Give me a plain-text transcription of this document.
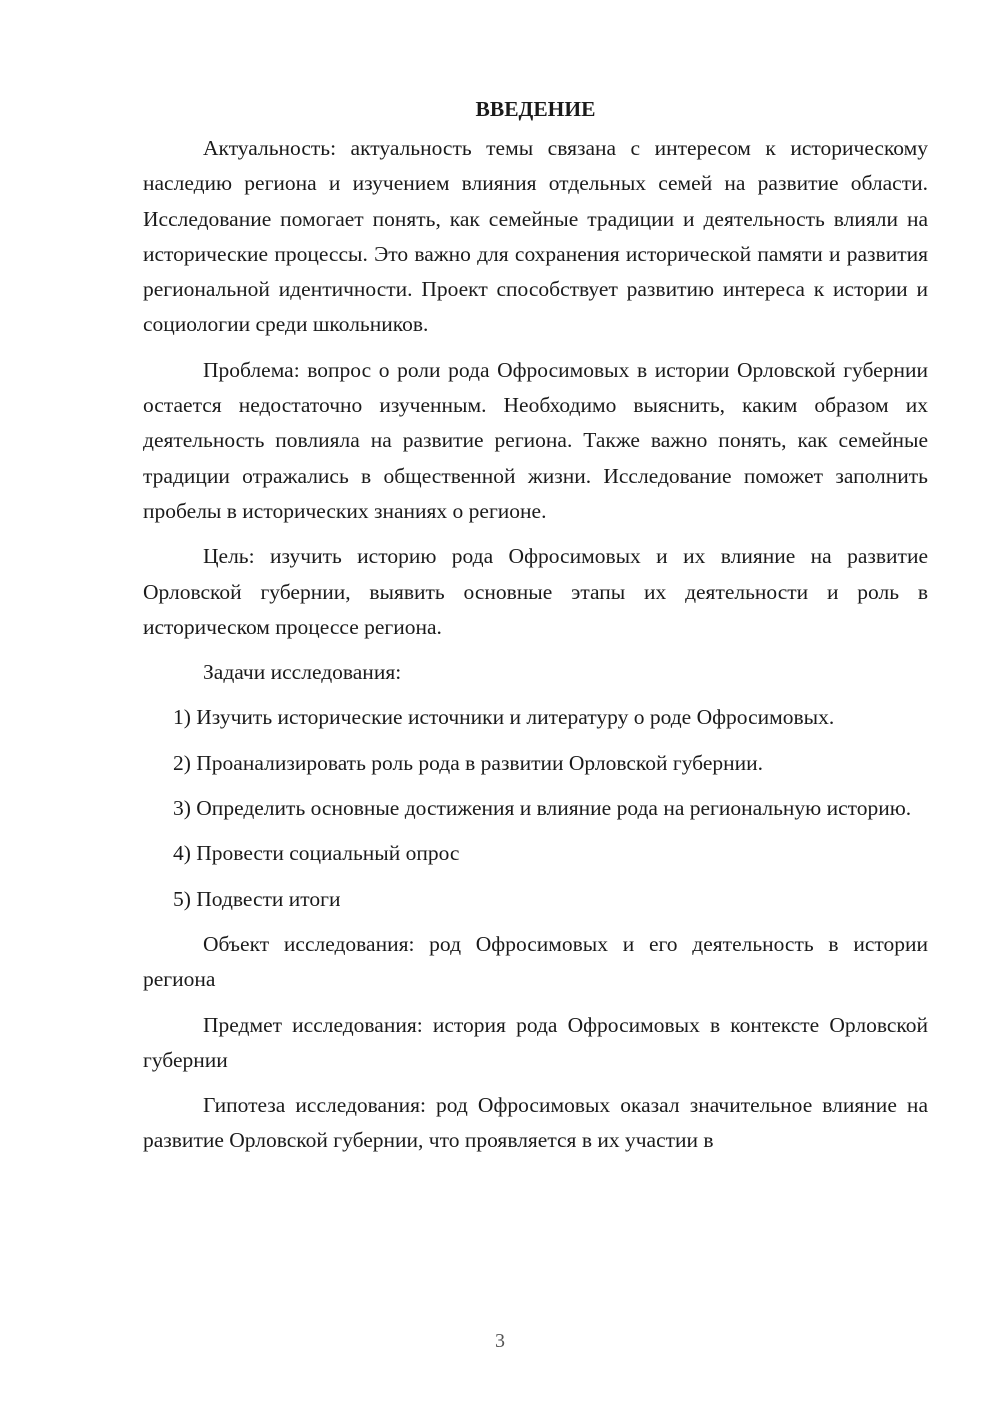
ВВЕДЕНИЕ

Актуальность: актуальность темы связана с интересом к историческому наследию региона и изучением влияния отдельных семей на развитие области. Исследование помогает понять, как семейные традиции и деятельность влияли на исторические процессы. Это важно для сохранения исторической памяти и развития региональной идентичности. Проект способствует развитию интереса к истории и социологии среди школьников.

Проблема: вопрос о роли рода Офросимовых в истории Орловской губернии остается недостаточно изученным. Необходимо выяснить, каким образом их деятельность повлияла на развитие региона. Также важно понять, как семейные традиции отражались в общественной жизни. Исследование поможет заполнить пробелы в исторических знаниях о регионе.

Цель: изучить историю рода Офросимовых и их влияние на развитие Орловской губернии, выявить основные этапы их деятельности и роль в историческом процессе региона.

Задачи исследования:

1) Изучить исторические источники и литературу о роде Офросимовых.

2) Проанализировать роль рода в развитии Орловской губернии.

3) Определить основные достижения и влияние рода на региональную историю.

4) Провести социальный опрос

5) Подвести итоги

Объект исследования: род Офросимовых и его деятельность в истории региона

Предмет исследования: история рода Офросимовых в контексте Орловской губернии

Гипотеза исследования: род Офросимовых оказал значительное влияние на развитие Орловской губернии, что проявляется в их участии в

3
